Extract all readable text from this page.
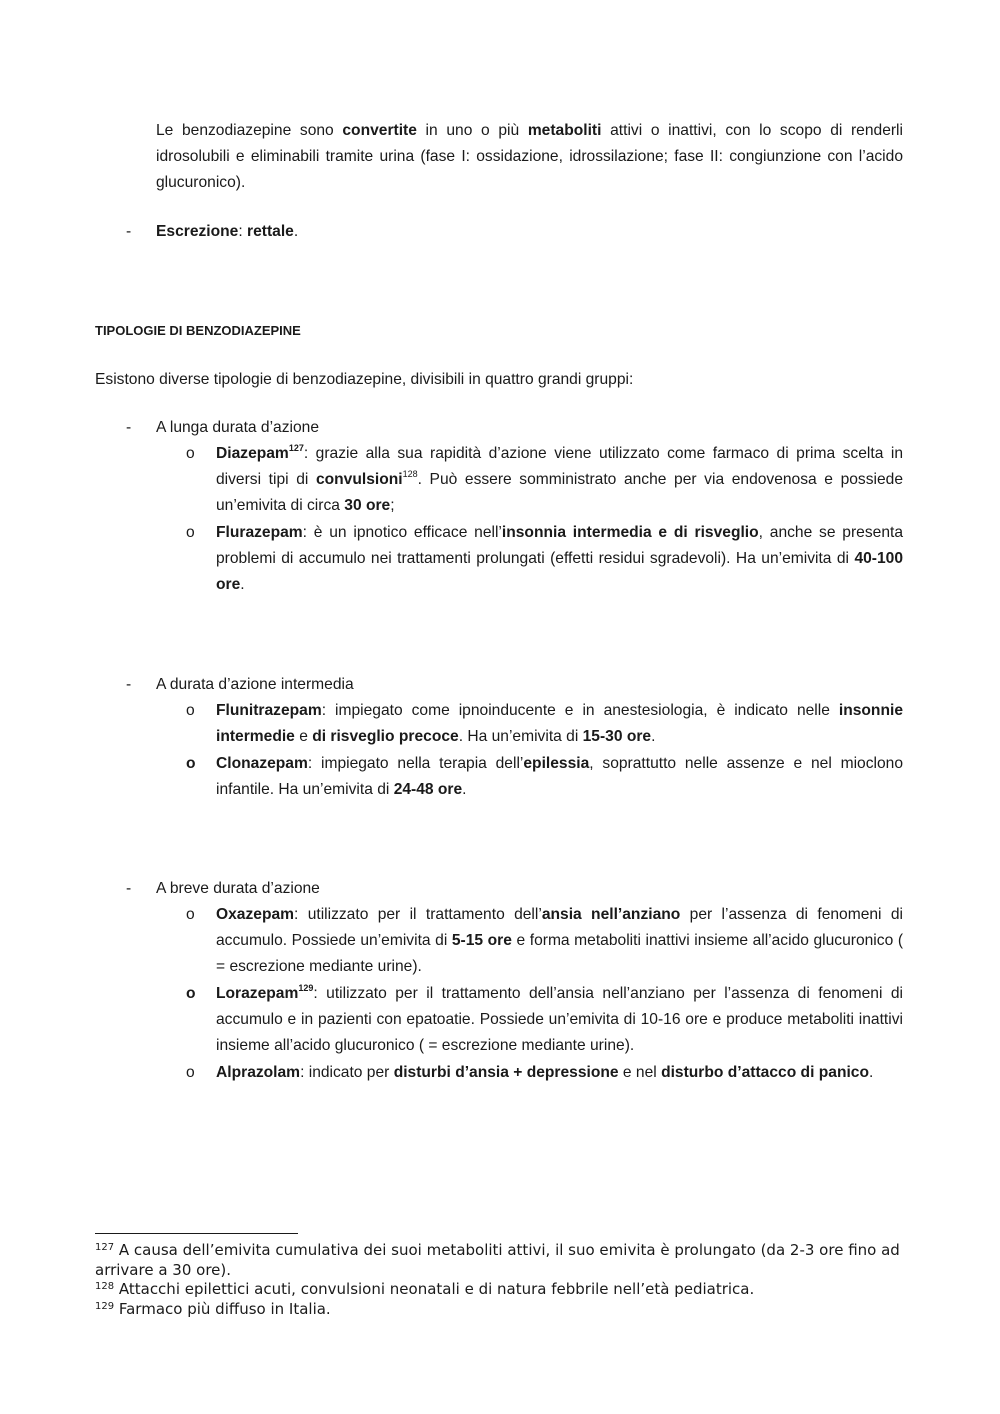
Le benzodiazepine sono convertite in uno o più metaboliti attivi o inattivi, con lo scopo di renderli idrosolubili e eliminabili tramite urina (fase I: ossidazione, idrossilazione; fase II: congiunzione con l’acido glucuronico).

-	Escrezione: rettale.

TIPOLOGIE DI BENZODIAZEPINE

Esistono diverse tipologie di benzodiazepine, divisibili in quattro grandi gruppi:

-	A lunga durata d’azione

o	Diazepam$^{127}$: grazie alla sua rapidità d’azione viene utilizzato come farmaco di prima scelta in diversi tipi di convulsioni$^{128}$. Può essere somministrato anche per via endovenosa e possiede un’emivita di circa 30 ore;

o	Flurazepam: è un ipnotico efficace nell’insonnia intermedia e di risveglio, anche se presenta problemi di accumulo nei trattamenti prolungati (effetti residui sgradevoli). Ha un’emivita di 40-100 ore.

-	A durata d’azione intermedia

o	Flunitrazepam: impiegato come ipnoinducente e in anestesiologia, è indicato nelle insonnie intermedie e di risveglio precoce. Ha un’emivita di 15-30 ore.

o	Clonazepam: impiegato nella terapia dell’epilessia, soprattutto nelle assenze e nel mioclono infantile. Ha un’emivita di 24-48 ore.

-	A breve durata d’azione

o	Oxazepam: utilizzato per il trattamento dell’ansia nell’anziano per l’assenza di fenomeni di accumulo. Possiede un’emivita di 5-15 ore e forma metaboliti inattivi insieme all’acido glucuronico ( = escrezione mediante urine).

o	Lorazepam$^{129}$: utilizzato per il trattamento dell’ansia nell’anziano per l’assenza di fenomeni di accumulo e in pazienti con epatoatie. Possiede un’emivita di 10-16 ore e produce metaboliti inattivi insieme all’acido glucuronico ( = escrezione mediante urine).

o	Alprazolam: indicato per disturbi d’ansia + depressione e nel disturbo d’attacco di panico.

$^{127}$ A causa dell’emivita cumulativa dei suoi metaboliti attivi, il suo emivita è prolungato (da 2-3 ore fino ad arrivare a 30 ore).

$^{128}$ Attacchi epilettici acuti, convulsioni neonatali e di natura febbrile nell’età pediatrica.

$^{129}$ Farmaco più diffuso in Italia.
